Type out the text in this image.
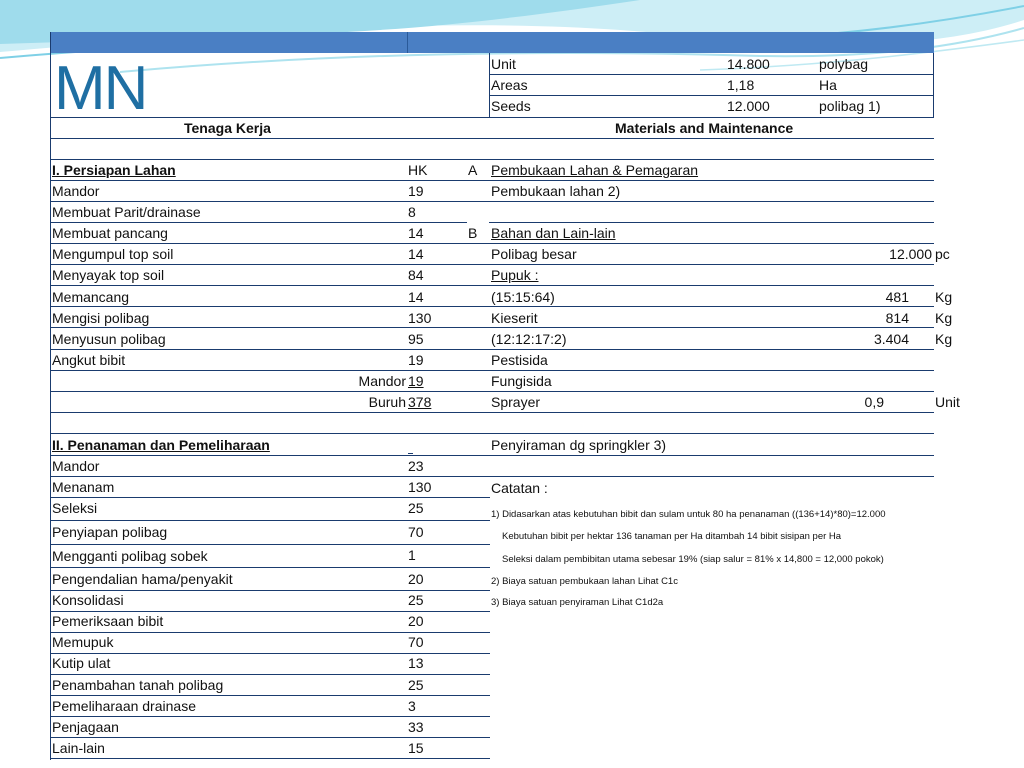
MN	Unit	14.800	polybag
Areas	1,18	Ha
Seeds	12.000	polibag 1)
Tenaga Kerja	Materials and Maintenance
I. Persiapan Lahan	HK
Mandor	19
Membuat Parit/drainase	8
Membuat pancang	14
Mengumpul top soil	14
Menyayak top soil	84
Memancang	14
Mengisi polibag	130
Menyusun polibag	95
Angkut bibit	19
Mandor 19
Buruh 378
A Pembukaan Lahan & Pemagaran
Pembukaan lahan 2)
B Bahan dan Lain-lain
Polibag besar	12.000 pc
Pupuk :
(15:15:64)	481 Kg
Kieserit	814 Kg
(12:12:17:2)	3.404 Kg
Pestisida
Fungisida
Sprayer	0,9	Unit
Penyiraman dg springkler 3)
II. Penanaman dan Pemeliharaan
Mandor	23
Menanam	130
Seleksi	25
Penyiapan polibag	70
Mengganti polibag sobek	1
Pengendalian hama/penyakit	20
Konsolidasi	25
Pemeriksaan bibit	20
Memupuk	70
Kutip ulat	13
Penambahan tanah polibag	25
Pemeliharaan drainase	3
Penjagaan	33
Lain-lain	15
Catatan :
1) Didasarkan atas kebutuhan bibit dan sulam untuk 80 ha penanaman ((136+14)*80)=12.000
Kebutuhan bibit per hektar 136 tanaman per Ha ditambah 14 bibit sisipan per Ha
Seleksi dalam pembibitan utama sebesar 19% (siap salur = 81% x 14,800 = 12,000 pokok)
2) Biaya satuan pembukaan lahan Lihat C1c
3) Biaya satuan penyiraman Lihat C1d2a
